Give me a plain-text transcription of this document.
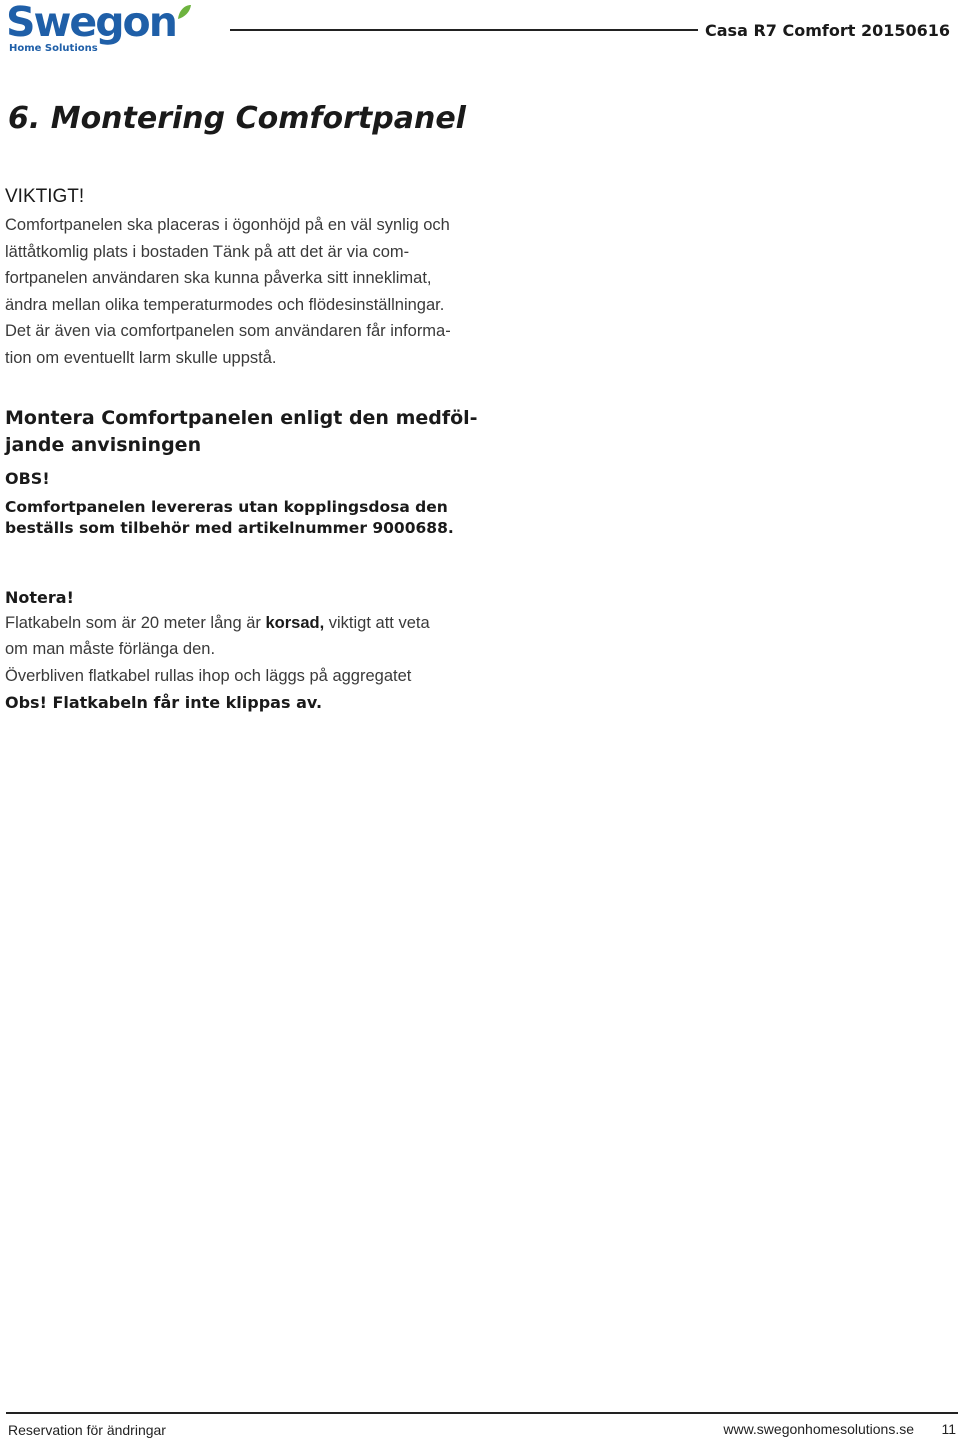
Swegon
Home Solutions
Casa R7 Comfort 20150616
6. Montering Comfortpanel

VIKTIGT!

Comfortpanelen ska placeras i ögonhöjd på en väl synlig och
lättåtkomlig plats i bostaden Tänk på att det är via com-
fortpanelen användaren ska kunna påverka sitt inneklimat,
ändra mellan olika temperaturmodes och flödesinställningar.
Det är även via comfortpanelen som användaren får informa-
tion om eventuellt larm skulle uppstå.
Montera Comfortpanelen enligt den medföl-
jande anvisningen

OBS!

Comfortpanelen levereras utan kopplingsdosa den
beställs som tilbehör med artikelnummer 9000688.

Notera!

Flatkabeln som är 20 meter lång är korsad, viktigt att veta
om man måste förlänga den.
Överbliven flatkabel rullas ihop och läggs på aggregatet

Obs! Flatkabeln får inte klippas av.

Reservation för ändringar	www.swegonhomesolutions.se 11
